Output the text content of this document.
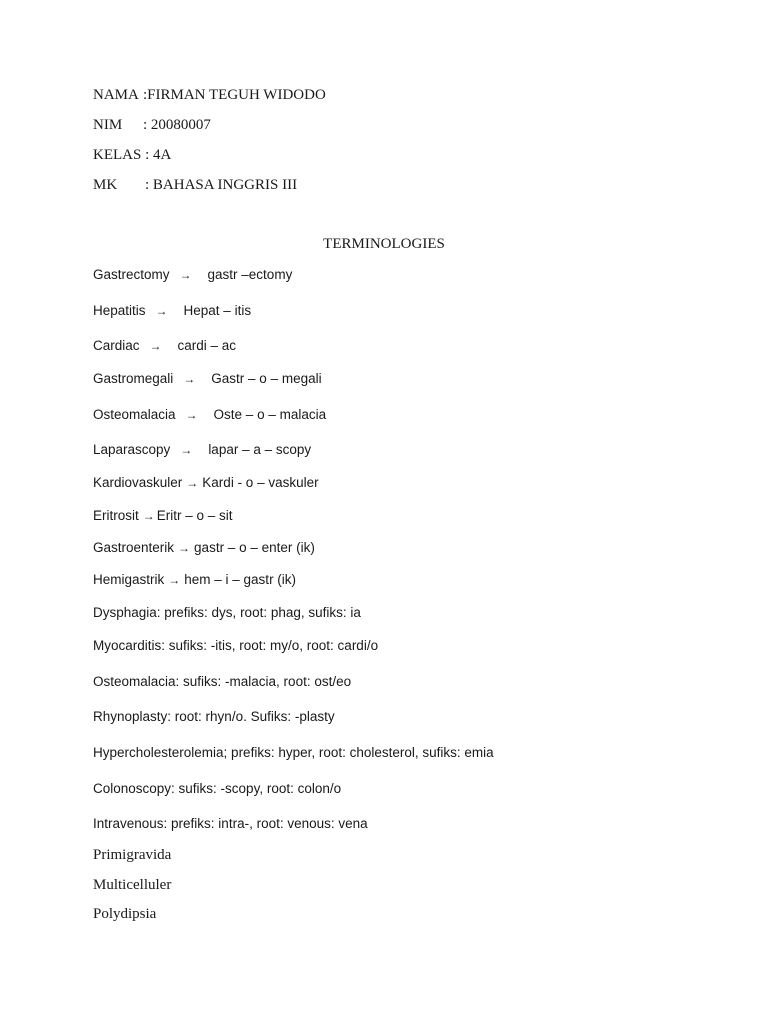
NAMA :FIRMAN TEGUH WIDODO
NIM : 20080007
KELAS : 4A
MK : BAHASA INGGRIS III
TERMINOLOGIES
Gastrectomy → gastr –ectomy
Hepatitis → Hepat – itis
Cardiac → cardi – ac
Gastromegali → Gastr – o – megali
Osteomalacia → Oste – o – malacia
Laparascopy → lapar – a – scopy
Kardiovaskuler → Kardi - o – vaskuler
Eritrosit → Eritr – o – sit
Gastroenterik → gastr – o – enter (ik)
Hemigastrik → hem – i – gastr (ik)
Dysphagia: prefiks: dys, root: phag, sufiks: ia
Myocarditis: sufiks: -itis, root: my/o, root: cardi/o
Osteomalacia: sufiks: -malacia, root: ost/eo
Rhynoplasty: root: rhyn/o. Sufiks: -plasty
Hypercholesterolemia; prefiks: hyper, root: cholesterol, sufiks: emia
Colonoscopy: sufiks: -scopy, root: colon/o
Intravenous: prefiks: intra-, root: venous: vena
Primigravida
Multicelluler
Polydipsia
